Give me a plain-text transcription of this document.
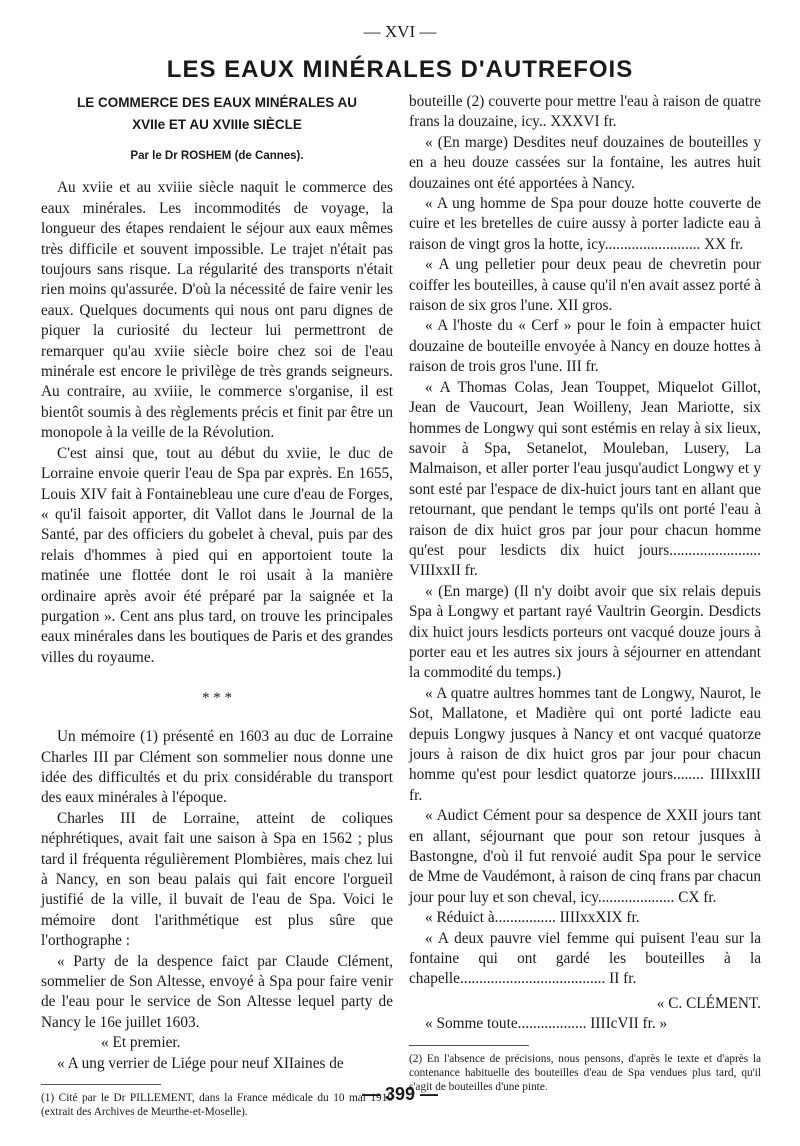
— XVI —
LES EAUX MINÉRALES D'AUTREFOIS
LE COMMERCE DES EAUX MINÉRALES AU
XVIIe ET AU XVIIIe SIÈCLE
Par le Dr ROSHEM (de Cannes).

Au xviie et au xviiie siècle naquit le commerce des eaux minérales. Les incommodités de voyage, la longueur des étapes rendaient le séjour aux eaux mêmes très difficile et souvent impossible. Le trajet n'était pas toujours sans risque. La régularité des transports n'était rien moins qu'assurée. D'où la nécessité de faire venir les eaux. Quelques documents qui nous ont paru dignes de piquer la curiosité du lecteur lui permettront de remarquer qu'au xviie siècle boire chez soi de l'eau minérale est encore le privilège de très grands seigneurs. Au contraire, au xviiie, le commerce s'organise, il est bientôt soumis à des règlements précis et finit par être un monopole à la veille de la Révolution.

C'est ainsi que, tout au début du xviie, le duc de Lorraine envoie querir l'eau de Spa par exprès. En 1655, Louis XIV fait à Fontainebleau une cure d'eau de Forges, « qu'il faisoit apporter, dit Vallot dans le Journal de la Santé, par des officiers du gobelet à cheval, puis par des relais d'hommes à pied qui en apportoient toute la matinée une flottée dont le roi usait à la manière ordinaire après avoir été préparé par la saignée et la purgation ». Cent ans plus tard, on trouve les principales eaux minérales dans les boutiques de Paris et des grandes villes du royaume.

* * *

Un mémoire (1) présenté en 1603 au duc de Lorraine Charles III par Clément son sommelier nous donne une idée des difficultés et du prix considérable du transport des eaux minérales à l'époque.

Charles III de Lorraine, atteint de coliques néphrétiques, avait fait une saison à Spa en 1562 ; plus tard il fréquenta régulièrement Plombières, mais chez lui à Nancy, en son beau palais qui fait encore l'orgueil justifié de la ville, il buvait de l'eau de Spa. Voici le mémoire dont l'arithmétique est plus sûre que l'orthographe :

« Party de la despence faict par Claude Clément, sommelier de Son Altesse, envoyé à Spa pour faire venir de l'eau pour le service de Son Altesse lequel party de Nancy le 16e juillet 1603.

« Et premier.

« A ung verrier de Liége pour neuf XIIaines de

(1) Cité par le Dr PILLEMENT, dans la France médicale du 10 mai 1910 (extrait des Archives de Meurthe-et-Moselle).

bouteille (2) couverte pour mettre l'eau à raison de quatre frans la douzaine, icy.. XXXVI fr.

« (En marge) Desdites neuf douzaines de bouteilles y en a heu douze cassées sur la fontaine, les autres huit douzaines ont été apportées à Nancy.

« A ung homme de Spa pour douze hotte couverte de cuire et les bretelles de cuire aussy à porter ladicte eau à raison de vingt gros la hotte, icy......................... XX fr.

« A ung pelletier pour deux peau de chevretin pour coiffer les bouteilles, à cause qu'il n'en avait assez porté à raison de six gros l'une. XII gros.

« A l'hoste du « Cerf » pour le foin à empacter huict douzaine de bouteille envoyée à Nancy en douze hottes à raison de trois gros l'une. III fr.

« A Thomas Colas, Jean Touppet, Miquelot Gillot, Jean de Vaucourt, Jean Woilleny, Jean Mariotte, six hommes de Longwy qui sont estémis en relay à six lieux, savoir à Spa, Setanelot, Mouleban, Lusery, La Malmaison, et aller porter l'eau jusqu'audict Longwy et y sont esté par l'espace de dix-huict jours tant en allant que retournant, que pendant le temps qu'ils ont porté l'eau à raison de dix huict gros par jour pour chacun homme qu'est pour lesdicts dix huict jours........................ VIIIxxII fr.

« (En marge) (Il n'y doibt avoir que six relais depuis Spa à Longwy et partant rayé Vaultrin Georgin. Desdicts dix huict jours lesdicts porteurs ont vacqué douze jours à porter eau et les autres six jours à séjourner en attendant la commodité du temps.)

« A quatre aultres hommes tant de Longwy, Naurot, le Sot, Mallatone, et Madière qui ont porté ladicte eau depuis Longwy jusques à Nancy et ont vacqué quatorze jours à raison de dix huict gros par jour pour chacun homme qu'est pour lesdict quatorze jours........ IIIIxxIII fr.

« Audict Cément pour sa despence de XXII jours tant en allant, séjournant que pour son retour jusques à Bastongne, d'où il fut renvoié audit Spa pour le service de Mme de Vaudémont, à raison de cinq frans par chacun jour pour luy et son cheval, icy.................... CX fr.

« Réduict à................ IIIIxxXIX fr.

« A deux pauvre viel femme qui puisent l'eau sur la fontaine qui ont gardé les bouteilles à la chapelle...................................... II fr.

« C. CLÉMENT.

« Somme toute.................. IIIIcVII fr. »

(2) En l'absence de précisions, nous pensons, d'après le texte et d'après la contenance habituelle des bouteilles d'eau de Spa vendues plus tard, qu'il s'agit de bouteilles d'une pinte.
— 399 —
